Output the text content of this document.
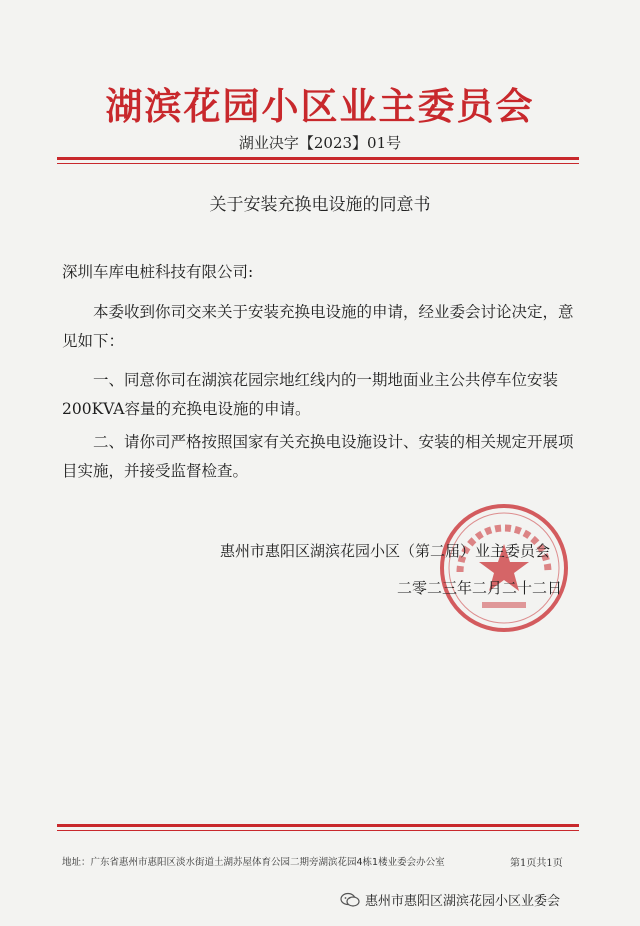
湖滨花园小区业主委员会
湖业决字【2023】01号
关于安装充换电设施的同意书
深圳车库电桩科技有限公司:
本委收到你司交来关于安装充换电设施的申请，经业委会讨论决定，意见如下：
一、同意你司在湖滨花园宗地红线内的一期地面业主公共停车位安装200KVA容量的充换电设施的申请。
二、请你司严格按照国家有关充换电设施设计、安装的相关规定开展项目实施，并接受监督检查。
惠州市惠阳区湖滨花园小区（第二届）业主委员会
二零二三年二月二十二日
地址：广东省惠州市惠阳区淡水街道土湖苏屋体育公园二期旁湖滨花园4栋1楼业委会办公室	第1页共1页
惠州市惠阳区湖滨花园小区业委会
